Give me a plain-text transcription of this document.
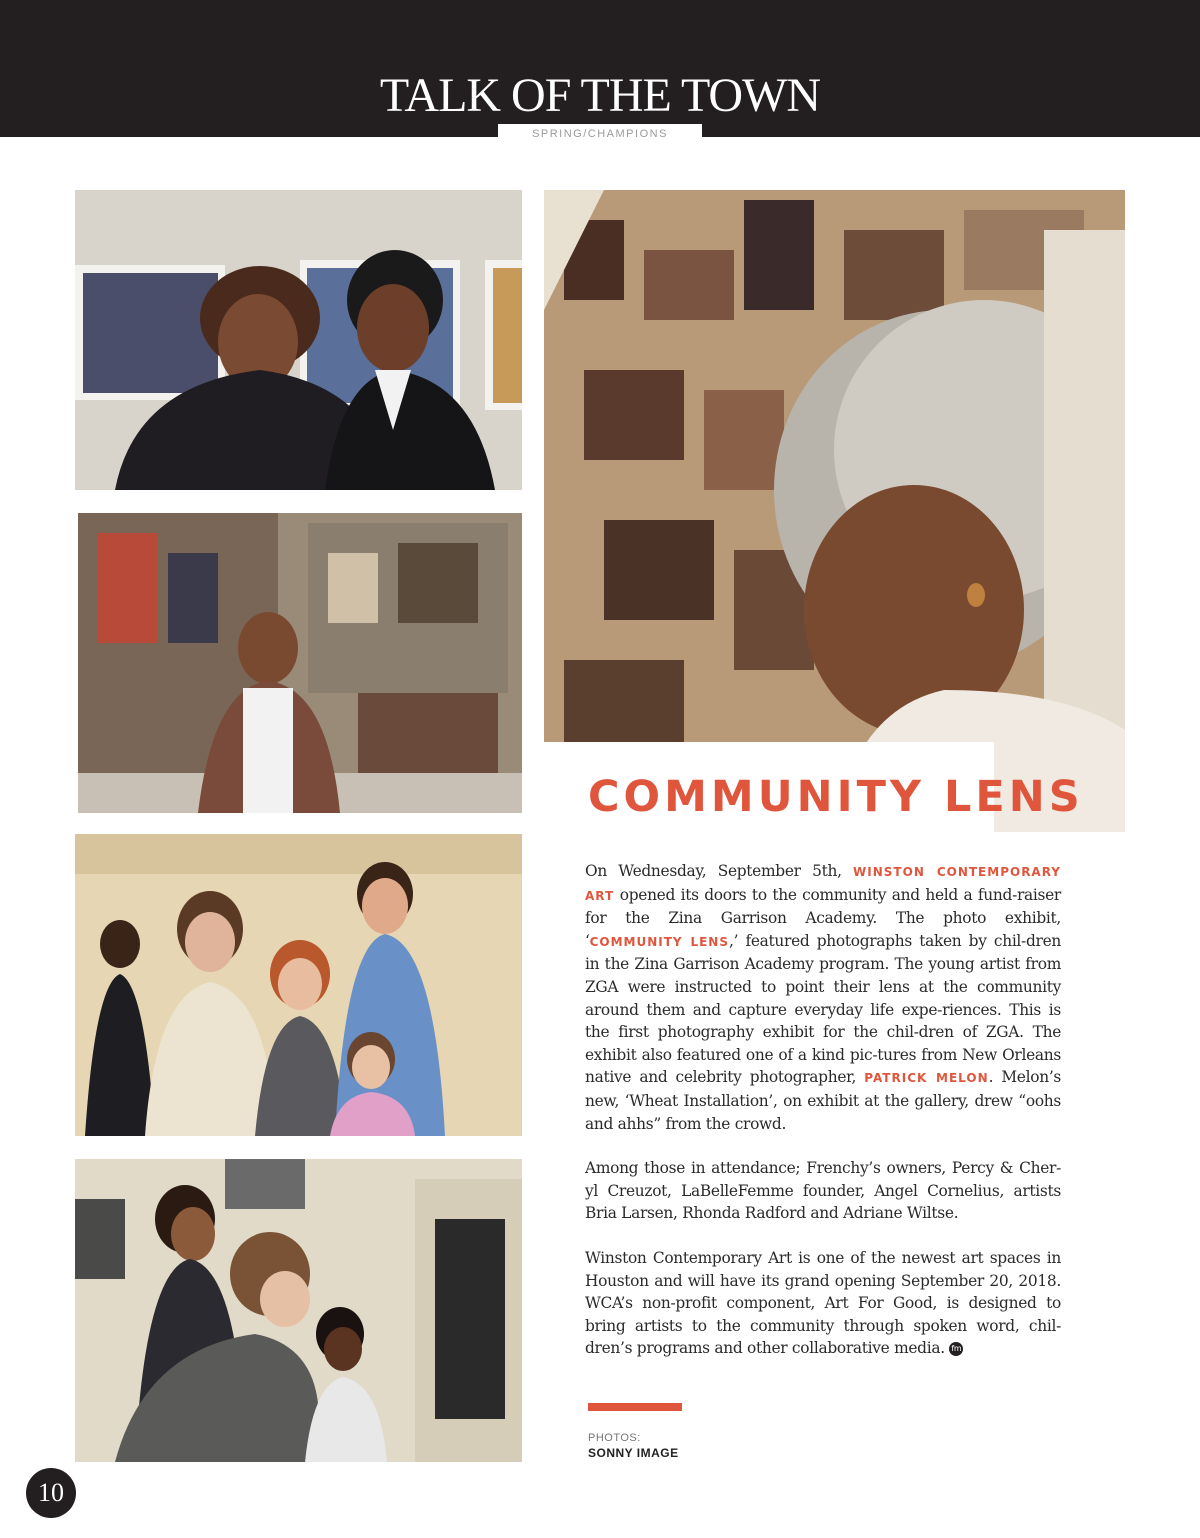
TALK OF THE TOWN
SPRING/CHAMPIONS
COMMUNITY LENS

On Wednesday, September 5th, WINSTON CONTEMPORARY ART opened its doors to the community and held a fund-raiser for the Zina Garrison Academy. The photo exhibit, ‘COMMUNITY LENS,’ featured photographs taken by chil-dren in the Zina Garrison Academy program. The young artist from ZGA were instructed to point their lens at the community around them and capture everyday life expe-riences. This is the first photography exhibit for the chil-dren of ZGA. The exhibit also featured one of a kind pic-tures from New Orleans native and celebrity photographer, PATRICK MELON. Melon’s new, ‘Wheat Installation’, on exhibit at the gallery, drew “oohs and ahhs” from the crowd.

Among those in attendance; Frenchy’s owners, Percy & Cher-yl Creuzot, LaBelleFemme founder, Angel Cornelius, artists Bria Larsen, Rhonda Radford and Adriane Wiltse.

Winston Contemporary Art is one of the newest art spaces in Houston and will have its grand opening September 20, 2018. WCA’s non-profit component, Art For Good, is designed to bring artists to the community through spoken word, chil-dren’s programs and other collaborative media. fm

PHOTOS:
SONNY IMAGE
10
